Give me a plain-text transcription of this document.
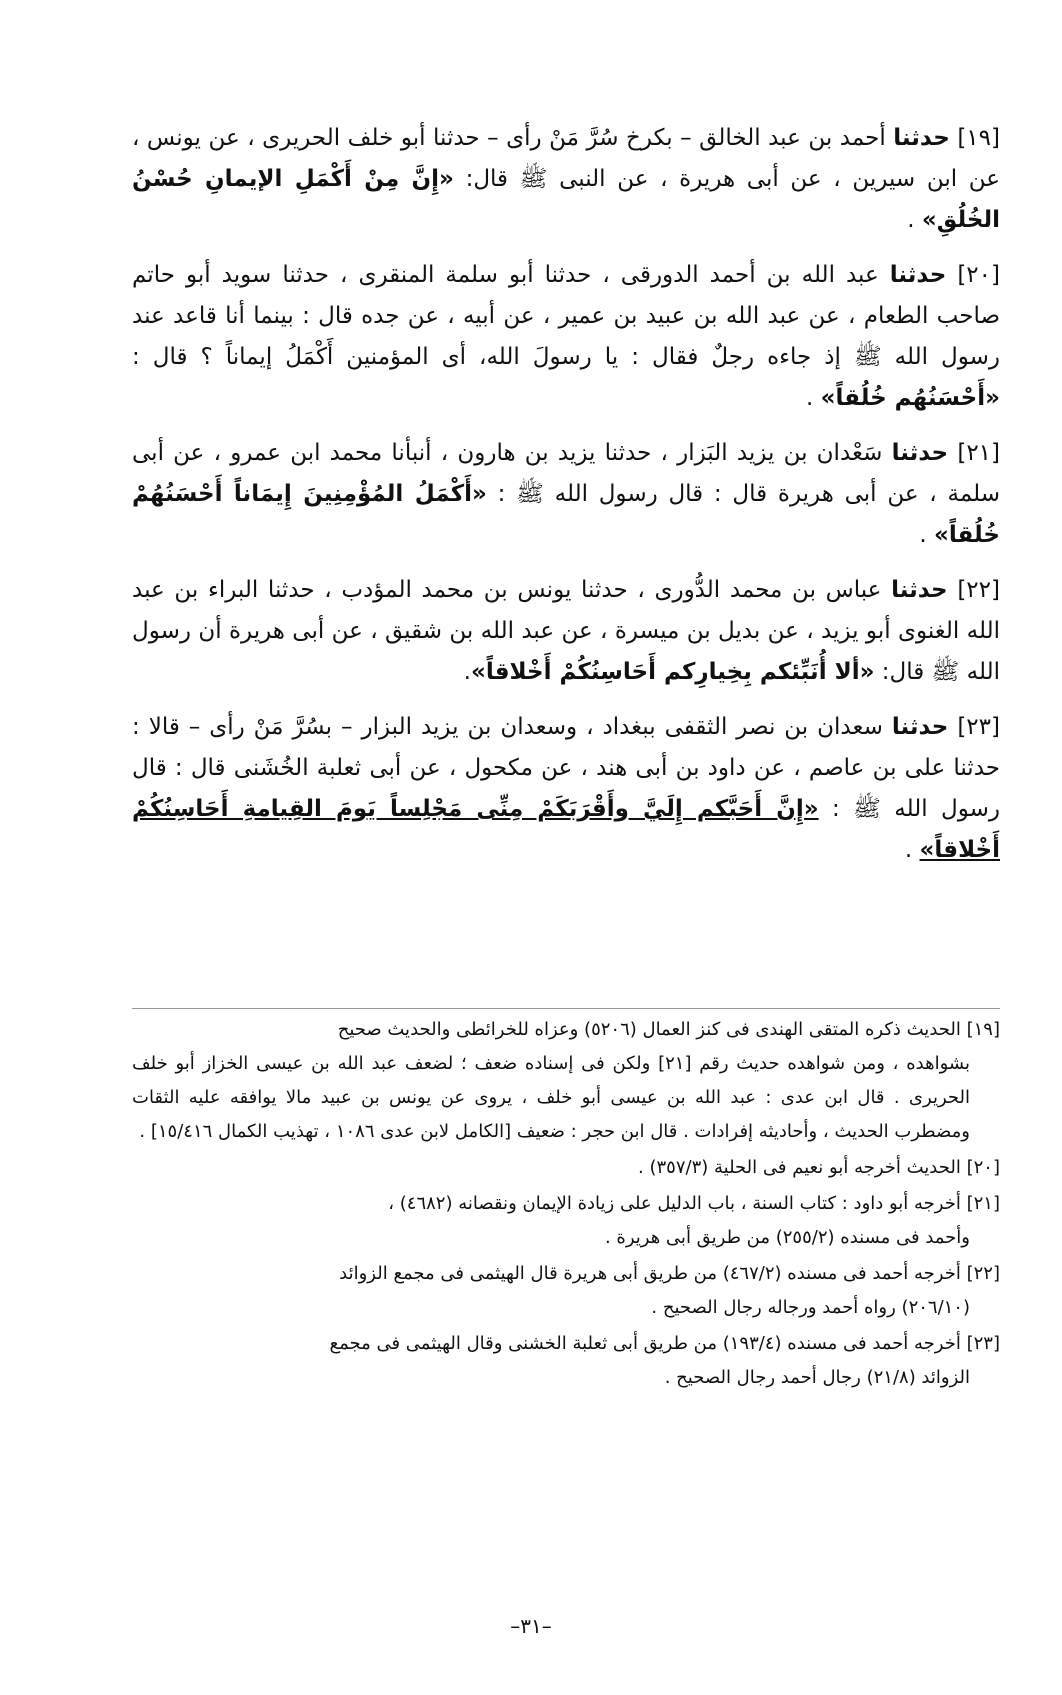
[١٩] حدثنا أحمد بن عبد الخالق – بكرخ سُرَّ مَنْ رأى – حدثنا أبو خلف الحريرى ، عن يونس ، عن ابن سيرين ، عن أبى هريرة ، عن النبى ﷺ قال: «إِنَّ مِنْ أَكْمَلِ الإيمانِ حُسْنُ الخُلُقِ» .

[٢٠] حدثنا عبد الله بن أحمد الدورقى ، حدثنا أبو سلمة المنقرى ، حدثنا سويد أبو حاتم صاحب الطعام ، عن عبد الله بن عبيد بن عمير ، عن أبيه ، عن جده قال : بينما أنا قاعد عند رسول الله ﷺ إذ جاءه رجلٌ فقال : يا رسولَ الله، أى المؤمنين أَكْمَلُ إيماناً ؟ قال : «أَحْسَنُهُم خُلُقاً» .

[٢١] حدثنا سَعْدان بن يزيد البَزار ، حدثنا يزيد بن هارون ، أنبأنا محمد ابن عمرو ، عن أبى سلمة ، عن أبى هريرة قال : قال رسول الله ﷺ : «أَكْمَلُ المُؤْمِنِينَ إِيمَاناً أَحْسَنُهُمْ خُلُقاً» .

[٢٢] حدثنا عباس بن محمد الدُّورى ، حدثنا يونس بن محمد المؤدب ، حدثنا البراء بن عبد الله الغنوى أبو يزيد ، عن بديل بن ميسرة ، عن عبد الله بن شقيق ، عن أبى هريرة أن رسول الله ﷺ قال: «ألا أُنَبِّئكم بِخِيارِكم أَحَاسِنُكُمْ أَخْلاقاً».

[٢٣] حدثنا سعدان بن نصر الثقفى ببغداد ، وسعدان بن يزيد البزار – بسُرَّ مَنْ رأى – قالا : حدثنا على بن عاصم ، عن داود بن أبى هند ، عن مكحول ، عن أبى ثعلبة الخُشَنى قال : قال رسول الله ﷺ : «إِنَّ أَحَبَّكم إِلَيَّ وأَقْرَبَكَمْ مِنِّى مَجْلِساً يَومَ القِيامةِ أَحَاسِنُكُمْ أَخْلاقاً» .

[١٩] الحديث ذكره المتقى الهندى فى كنز العمال (٥٢٠٦) وعزاه للخرائطى والحديث صحيح
بشواهده ، ومن شواهده حديث رقم [٢١] ولكن فى إسناده ضعف ؛ لضعف عبد الله بن عيسى الخزاز أبو خلف الحريرى . قال ابن عدى : عبد الله بن عيسى أبو خلف ، يروى عن يونس بن عبيد مالا يوافقه عليه الثقات ومضطرب الحديث ، وأحاديثه إفرادات . قال ابن حجر : ضعيف [الكامل لابن عدى ١٠٨٦ ، تهذيب الكمال ١٥/٤١٦] .
[٢٠] الحديث أخرجه أبو نعيم فى الحلية (٣٥٧/٣) .
[٢١] أخرجه أبو داود : كتاب السنة ، باب الدليل على زيادة الإيمان ونقصانه (٤٦٨٢) ،
وأحمد فى مسنده (٢٥٥/٢) من طريق أبى هريرة .
[٢٢] أخرجه أحمد فى مسنده (٤٦٧/٢) من طريق أبى هريرة قال الهيثمى فى مجمع الزوائد
(٢٠٦/١٠) رواه أحمد ورجاله رجال الصحيح .
[٢٣] أخرجه أحمد فى مسنده (١٩٣/٤) من طريق أبى ثعلبة الخشنى وقال الهيثمى فى مجمع
الزوائد (٢١/٨) رجال أحمد رجال الصحيح .
–٣١–
